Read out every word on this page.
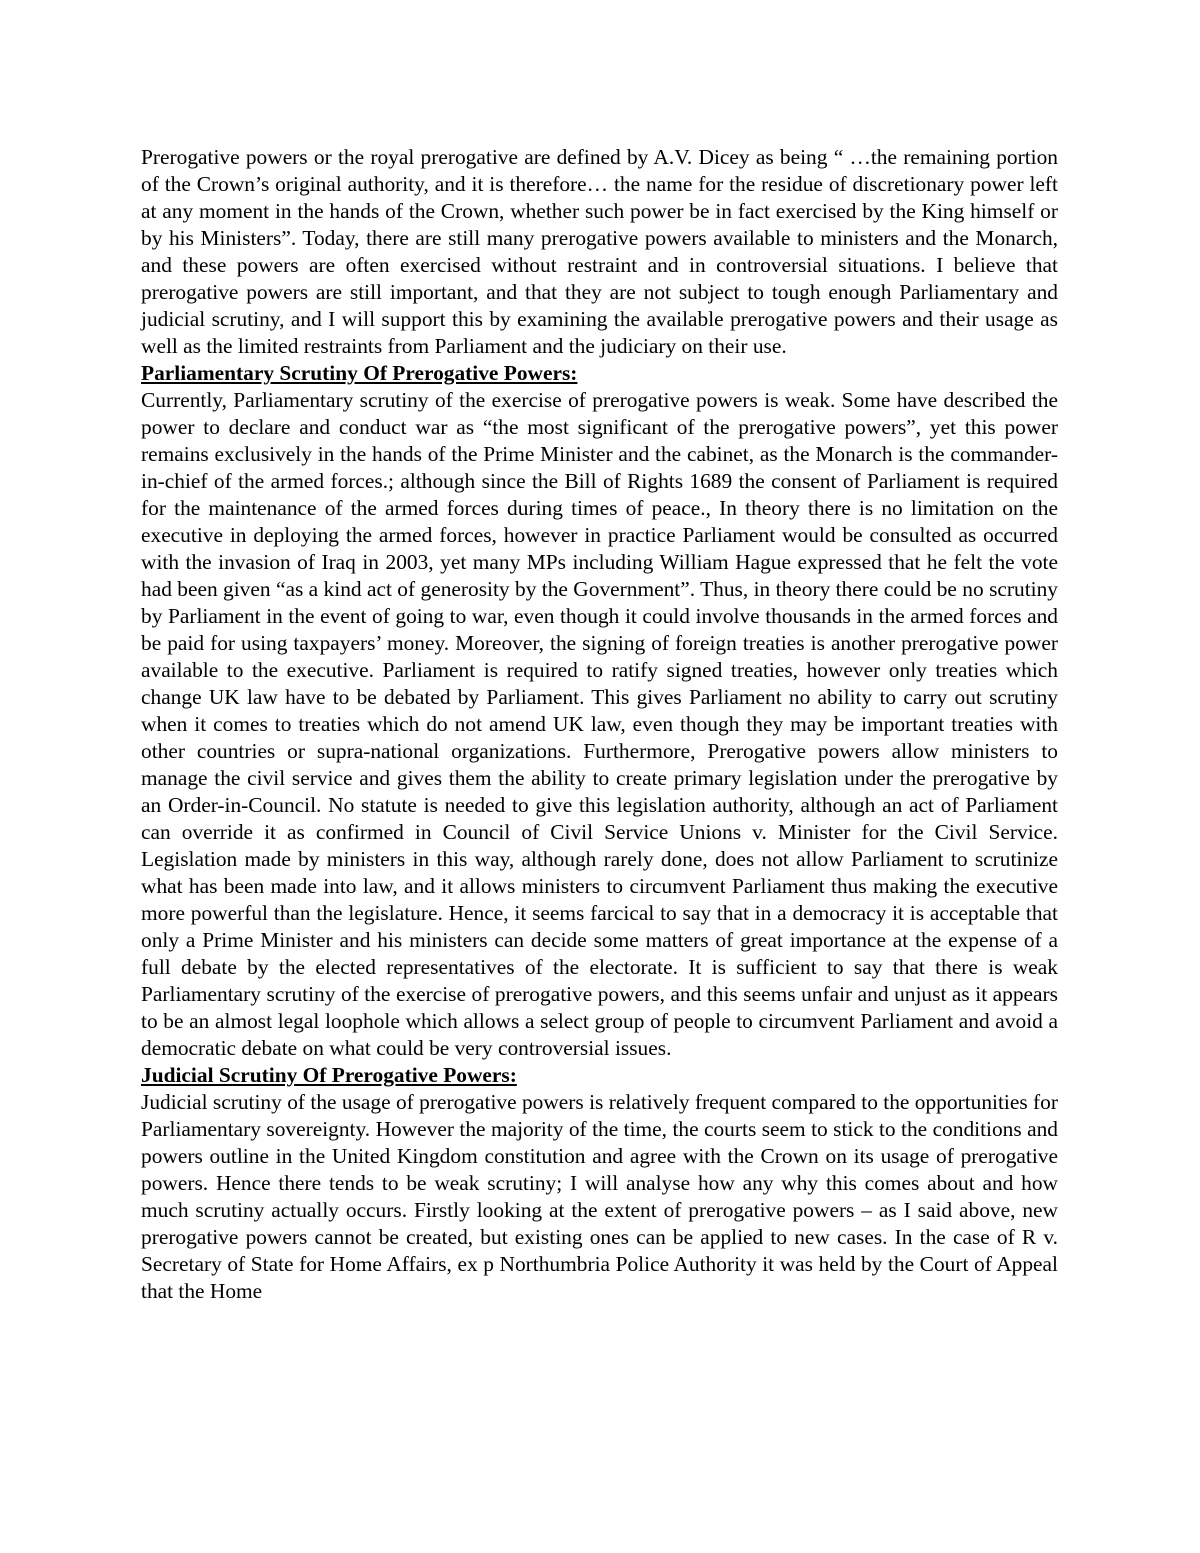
Prerogative powers or the royal prerogative are defined by A.V. Dicey as being “ …the remaining portion of the Crown’s original authority, and it is therefore… the name for the residue of discretionary power left at any moment in the hands of the Crown, whether such power be in fact exercised by the King himself or by his Ministers”. Today, there are still many prerogative powers available to ministers and the Monarch, and these powers are often exercised without restraint and in controversial situations. I believe that prerogative powers are still important, and that they are not subject to tough enough Parliamentary and judicial scrutiny, and I will support this by examining the available prerogative powers and their usage as well as the limited restraints from Parliament and the judiciary on their use.

Parliamentary Scrutiny Of Prerogative Powers:

Currently, Parliamentary scrutiny of the exercise of prerogative powers is weak. Some have described the power to declare and conduct war as “the most significant of the prerogative powers”, yet this power remains exclusively in the hands of the Prime Minister and the cabinet, as the Monarch is the commander-in-chief of the armed forces.; although since the Bill of Rights 1689 the consent of Parliament is required for the maintenance of the armed forces during times of peace., In theory there is no limitation on the executive in deploying the armed forces, however in practice Parliament would be consulted as occurred with the invasion of Iraq in 2003, yet many MPs including William Hague expressed that he felt the vote had been given “as a kind act of generosity by the Government”. Thus, in theory there could be no scrutiny by Parliament in the event of going to war, even though it could involve thousands in the armed forces and be paid for using taxpayers’ money. Moreover, the signing of foreign treaties is another prerogative power available to the executive. Parliament is required to ratify signed treaties, however only treaties which change UK law have to be debated by Parliament. This gives Parliament no ability to carry out scrutiny when it comes to treaties which do not amend UK law, even though they may be important treaties with other countries or supra-national organizations. Furthermore, Prerogative powers allow ministers to manage the civil service and gives them the ability to create primary legislation under the prerogative by an Order-in-Council. No statute is needed to give this legislation authority, although an act of Parliament can override it as confirmed in Council of Civil Service Unions v. Minister for the Civil Service. Legislation made by ministers in this way, although rarely done, does not allow Parliament to scrutinize what has been made into law, and it allows ministers to circumvent Parliament thus making the executive more powerful than the legislature. Hence, it seems farcical to say that in a democracy it is acceptable that only a Prime Minister and his ministers can decide some matters of great importance at the expense of a full debate by the elected representatives of the electorate. It is sufficient to say that there is weak Parliamentary scrutiny of the exercise of prerogative powers, and this seems unfair and unjust as it appears to be an almost legal loophole which allows a select group of people to circumvent Parliament and avoid a democratic debate on what could be very controversial issues.

Judicial Scrutiny Of Prerogative Powers:

Judicial scrutiny of the usage of prerogative powers is relatively frequent compared to the opportunities for Parliamentary sovereignty. However the majority of the time, the courts seem to stick to the conditions and powers outline in the United Kingdom constitution and agree with the Crown on its usage of prerogative powers. Hence there tends to be weak scrutiny; I will analyse how any why this comes about and how much scrutiny actually occurs. Firstly looking at the extent of prerogative powers – as I said above, new prerogative powers cannot be created, but existing ones can be applied to new cases. In the case of R v. Secretary of State for Home Affairs, ex p Northumbria Police Authority it was held by the Court of Appeal that the Home
